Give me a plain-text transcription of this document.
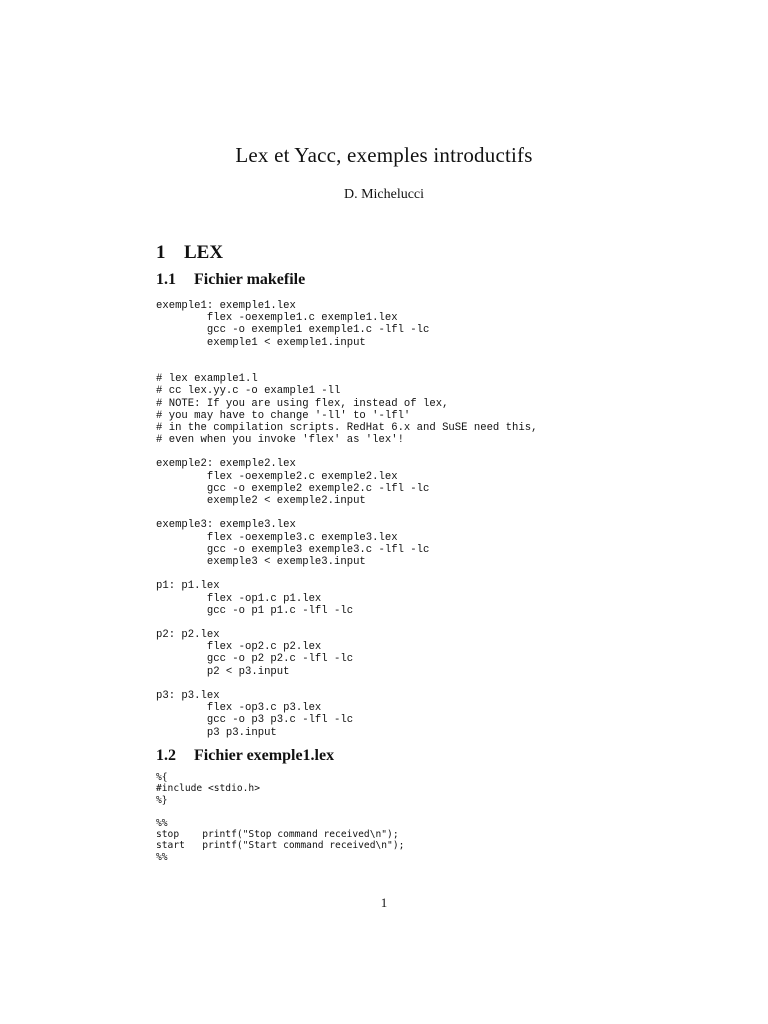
Lex et Yacc, exemples introductifs
D. Michelucci
1 LEX
1.1 Fichier makefile
exemple1: exemple1.lex
flex -oexemple1.c exemple1.lex
gcc -o exemple1 exemple1.c -lfl -lc
exemple1 < exemple1.input
# lex example1.l
# cc lex.yy.c -o example1 -ll
# NOTE: If you are using flex, instead of lex,
# you may have to change '-ll' to '-lfl'
# in the compilation scripts. RedHat 6.x and SuSE need this,
# even when you invoke 'flex' as 'lex'!
exemple2: exemple2.lex
flex -oexemple2.c exemple2.lex
gcc -o exemple2 exemple2.c -lfl -lc
exemple2 < exemple2.input
exemple3: exemple3.lex
flex -oexemple3.c exemple3.lex
gcc -o exemple3 exemple3.c -lfl -lc
exemple3 < exemple3.input
p1: p1.lex
flex -op1.c p1.lex
gcc -o p1 p1.c -lfl -lc
p2: p2.lex
flex -op2.c p2.lex
gcc -o p2 p2.c -lfl -lc
p2 < p3.input
p3: p3.lex
flex -op3.c p3.lex
gcc -o p3 p3.c -lfl -lc
p3 p3.input
1.2 Fichier exemple1.lex
%{
#include <stdio.h>
%}
%%
stop    printf("Stop command received\n");
start   printf("Start command received\n");
%%
1
